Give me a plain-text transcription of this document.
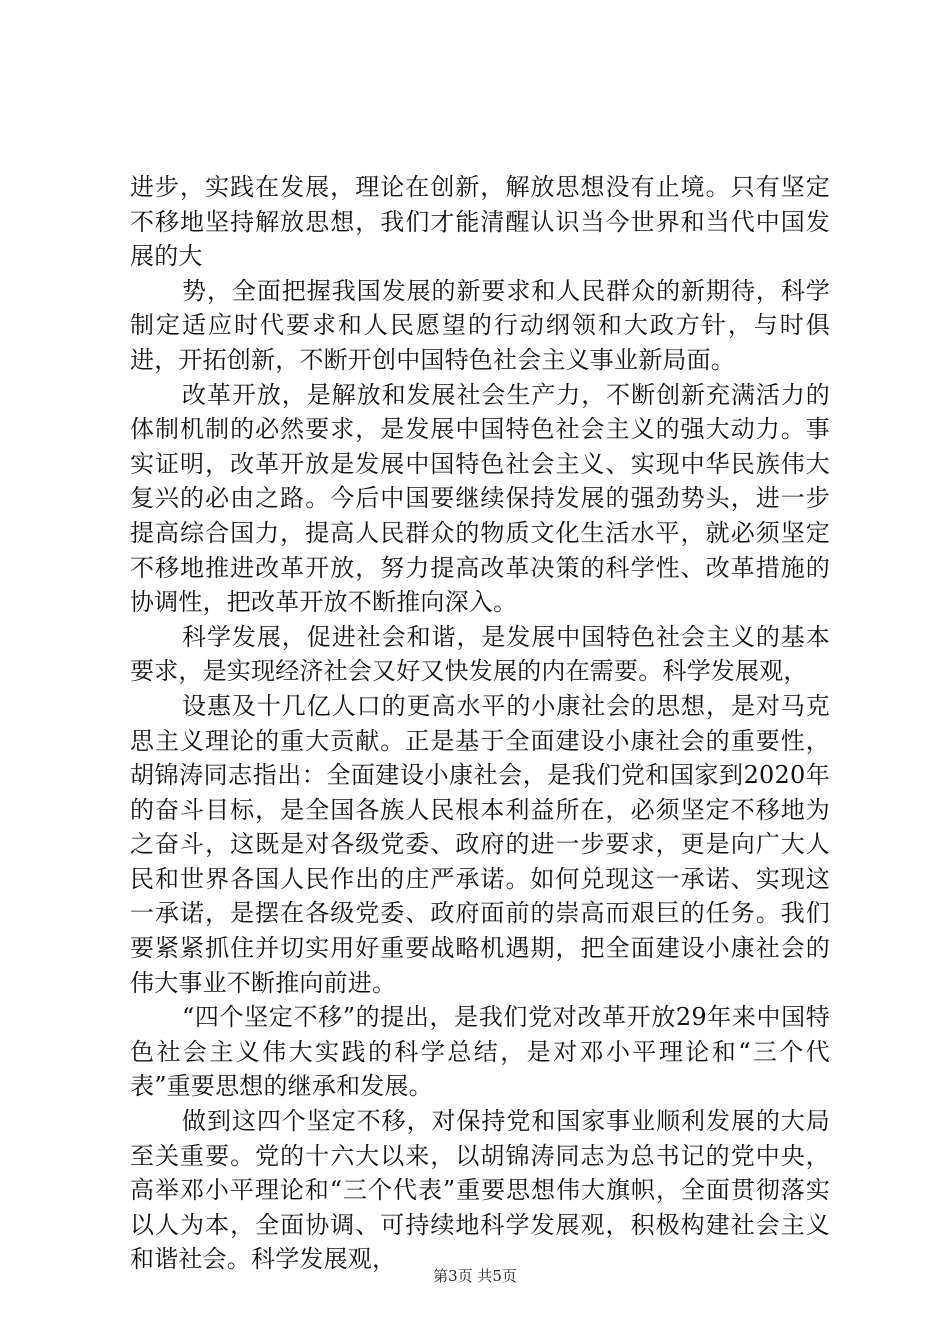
进步，实践在发展，理论在创新，解放思想没有止境。只有坚定不移地坚持解放思想，我们才能清醒认识当今世界和当代中国发展的大

势，全面把握我国发展的新要求和人民群众的新期待，科学制定适应时代要求和人民愿望的行动纲领和大政方针，与时俱进，开拓创新，不断开创中国特色社会主义事业新局面。

改革开放，是解放和发展社会生产力，不断创新充满活力的体制机制的必然要求，是发展中国特色社会主义的强大动力。事实证明，改革开放是发展中国特色社会主义、实现中华民族伟大复兴的必由之路。今后中国要继续保持发展的强劲势头，进一步提高综合国力，提高人民群众的物质文化生活水平，就必须坚定不移地推进改革开放，努力提高改革决策的科学性、改革措施的协调性，把改革开放不断推向深入。

科学发展，促进社会和谐，是发展中国特色社会主义的基本要求，是实现经济社会又好又快发展的内在需要。科学发展观，

设惠及十几亿人口的更高水平的小康社会的思想，是对马克思主义理论的重大贡献。正是基于全面建设小康社会的重要性，胡锦涛同志指出：全面建设小康社会，是我们党和国家到2020年的奋斗目标，是全国各族人民根本利益所在，必须坚定不移地为之奋斗，这既是对各级党委、政府的进一步要求，更是向广大人民和世界各国人民作出的庄严承诺。如何兑现这一承诺、实现这一承诺，是摆在各级党委、政府面前的崇高而艰巨的任务。我们要紧紧抓住并切实用好重要战略机遇期，把全面建设小康社会的伟大事业不断推向前进。

“四个坚定不移”的提出，是我们党对改革开放29年来中国特色社会主义伟大实践的科学总结，是对邓小平理论和“三个代表”重要思想的继承和发展。

做到这四个坚定不移，对保持党和国家事业顺利发展的大局至关重要。党的十六大以来，以胡锦涛同志为总书记的党中央，高举邓小平理论和“三个代表”重要思想伟大旗帜，全面贯彻落实以人为本，全面协调、可持续地科学发展观，积极构建社会主义和谐社会。科学发展观，

第3页 共5页
